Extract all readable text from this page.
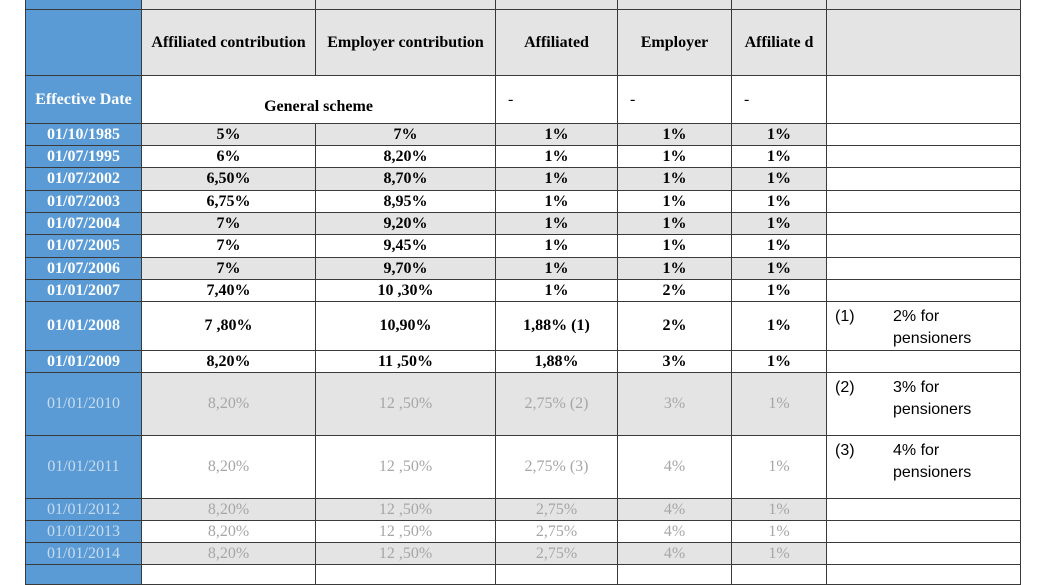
	Affiliated contribution	Employer contribution	Affiliated	Employer	Affiliate d	
Effective Date	General scheme		-	-	-	
01/10/1985	5%	7%	1%	1%	1%	
01/07/1995	6%	8,20%	1%	1%	1%	
01/07/2002	6,50%	8,70%	1%	1%	1%	
01/07/2003	6,75%	8,95%	1%	1%	1%	
01/07/2004	7%	9,20%	1%	1%	1%	
01/07/2005	7%	9,45%	1%	1%	1%	
01/07/2006	7%	9,70%	1%	1%	1%	
01/01/2007	7,40%	10 ,30%	1%	2%	1%	
01/01/2008	7 ,80%	10,90%	1,88% (1)	2%	1%	(1) 2% for pensioners

01/01/2009	8,20%	11 ,50%	1,88%	3%	1%	
01/01/2010	8,20%	12 ,50%	2,75% (2)	3%	1%	(2) 3% for pensioners

01/01/2011	8,20%	12 ,50%	2,75% (3)	4%	1%	(3) 4% for pensioners

01/01/2012	8,20%	12 ,50%	2,75%	4%	1%	
01/01/2013	8,20%	12 ,50%	2,75%	4%	1%	
01/01/2014	8,20%	12 ,50%	2,75%	4%	1%	
